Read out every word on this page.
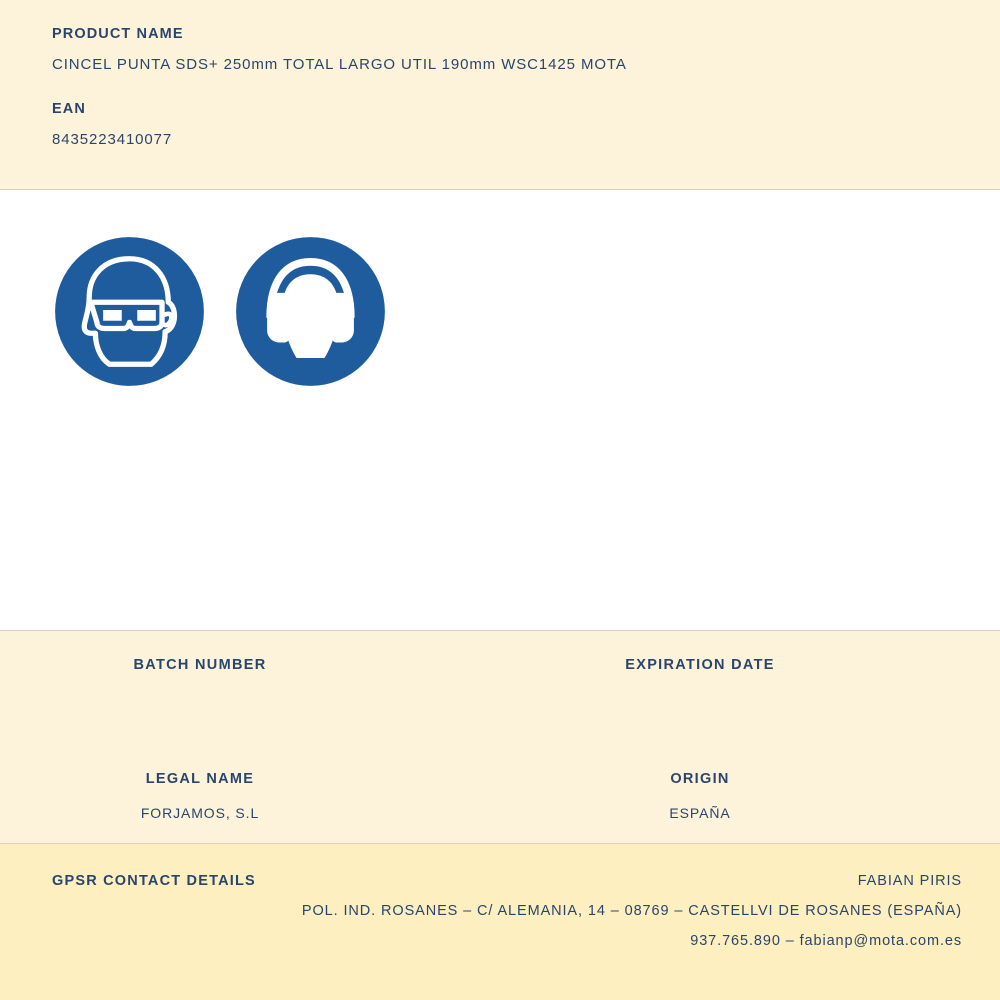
PRODUCT NAME

CINCEL PUNTA SDS+ 250mm TOTAL LARGO UTIL 190mm WSC1425 MOTA

EAN

8435223410077

BATCH NUMBER	EXPIRATION DATE

LEGAL NAME

FORJAMOS, S.L

ORIGIN

ESPAÑA

GPSR CONTACT DETAILS	FABIAN PIRIS
POL. IND. ROSANES – C/ ALEMANIA, 14 – 08769 – CASTELLVI DE ROSANES (ESPAÑA)
937.765.890 – fabianp@mota.com.es
